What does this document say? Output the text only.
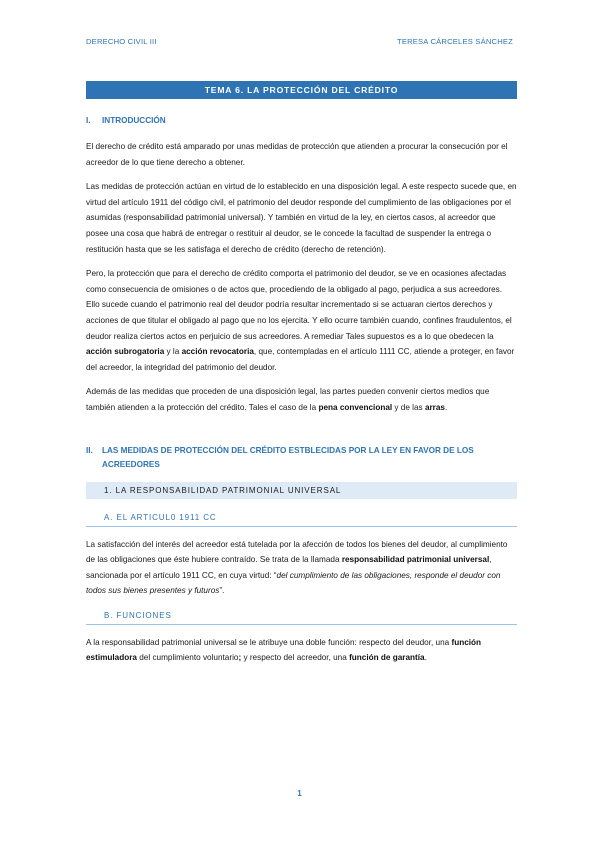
DERECHO CIVIL III	TERESA CÁRCELES SÁNCHEZ
TEMA 6. LA PROTECCIÓN DEL CRÉDITO
I.	INTRODUCCIÓN

El derecho de crédito está amparado por unas medidas de protección que atienden a procurar la consecución por el acreedor de lo que tiene derecho a obtener.

Las medidas de protección actúan en virtud de lo establecido en una disposición legal. A este respecto sucede que, en virtud del artículo 1911 del código civil, el patrimonio del deudor responde del cumplimiento de las obligaciones por el asumidas (responsabilidad patrimonial universal). Y también en virtud de la ley, en ciertos casos, al acreedor que posee una cosa que habrá de entregar o restituir al deudor, se le concede la facultad de suspender la entrega o restitución hasta que se les satisfaga el derecho de crédito (derecho de retención).

Pero, la protección que para el derecho de crédito comporta el patrimonio del deudor, se ve en ocasiones afectadas como consecuencia de omisiones o de actos que, procediendo de la obligado al pago, perjudica a sus acreedores. Ello sucede cuando el patrimonio real del deudor podría resultar incrementado si se actuaran ciertos derechos y acciones de que titular el obligado al pago que no los ejercita. Y ello ocurre también cuando, confines fraudulentos, el deudor realiza ciertos actos en perjuicio de sus acreedores. A remediar Tales supuestos es a lo que obedecen la acción subrogatoria y la acción revocatoria, que, contempladas en el artículo 1111 CC, atiende a proteger, en favor del acreedor, la integridad del patrimonio del deudor.

Además de las medidas que proceden de una disposición legal, las partes pueden convenir ciertos medios que también atienden a la protección del crédito. Tales el caso de la pena convencional y de las arras.

II.	LAS MEDIDAS DE PROTECCIÓN DEL CRÉDITO ESTBLECIDAS POR LA LEY EN FAVOR DE LOS ACREEDORES
1. LA RESPONSABILIDAD PATRIMONIAL UNIVERSAL
A. EL ARTICUL0 1911 CC

La satisfacción del interés del acreedor está tutelada por la afección de todos los bienes del deudor, al cumplimiento de las obligaciones que éste hubiere contraído. Se trata de la llamada responsabilidad patrimonial universal, sancionada por el artículo 1911 CC, en cuya virtud: “del cumplimiento de las obligaciones, responde el deudor con todos sus bienes presentes y futuros”.

B. FUNCIONES

A la responsabilidad patrimonial universal se le atribuye una doble función: respecto del deudor, una función estimuladora del cumplimiento voluntario; y respecto del acreedor, una función de garantía.

1
